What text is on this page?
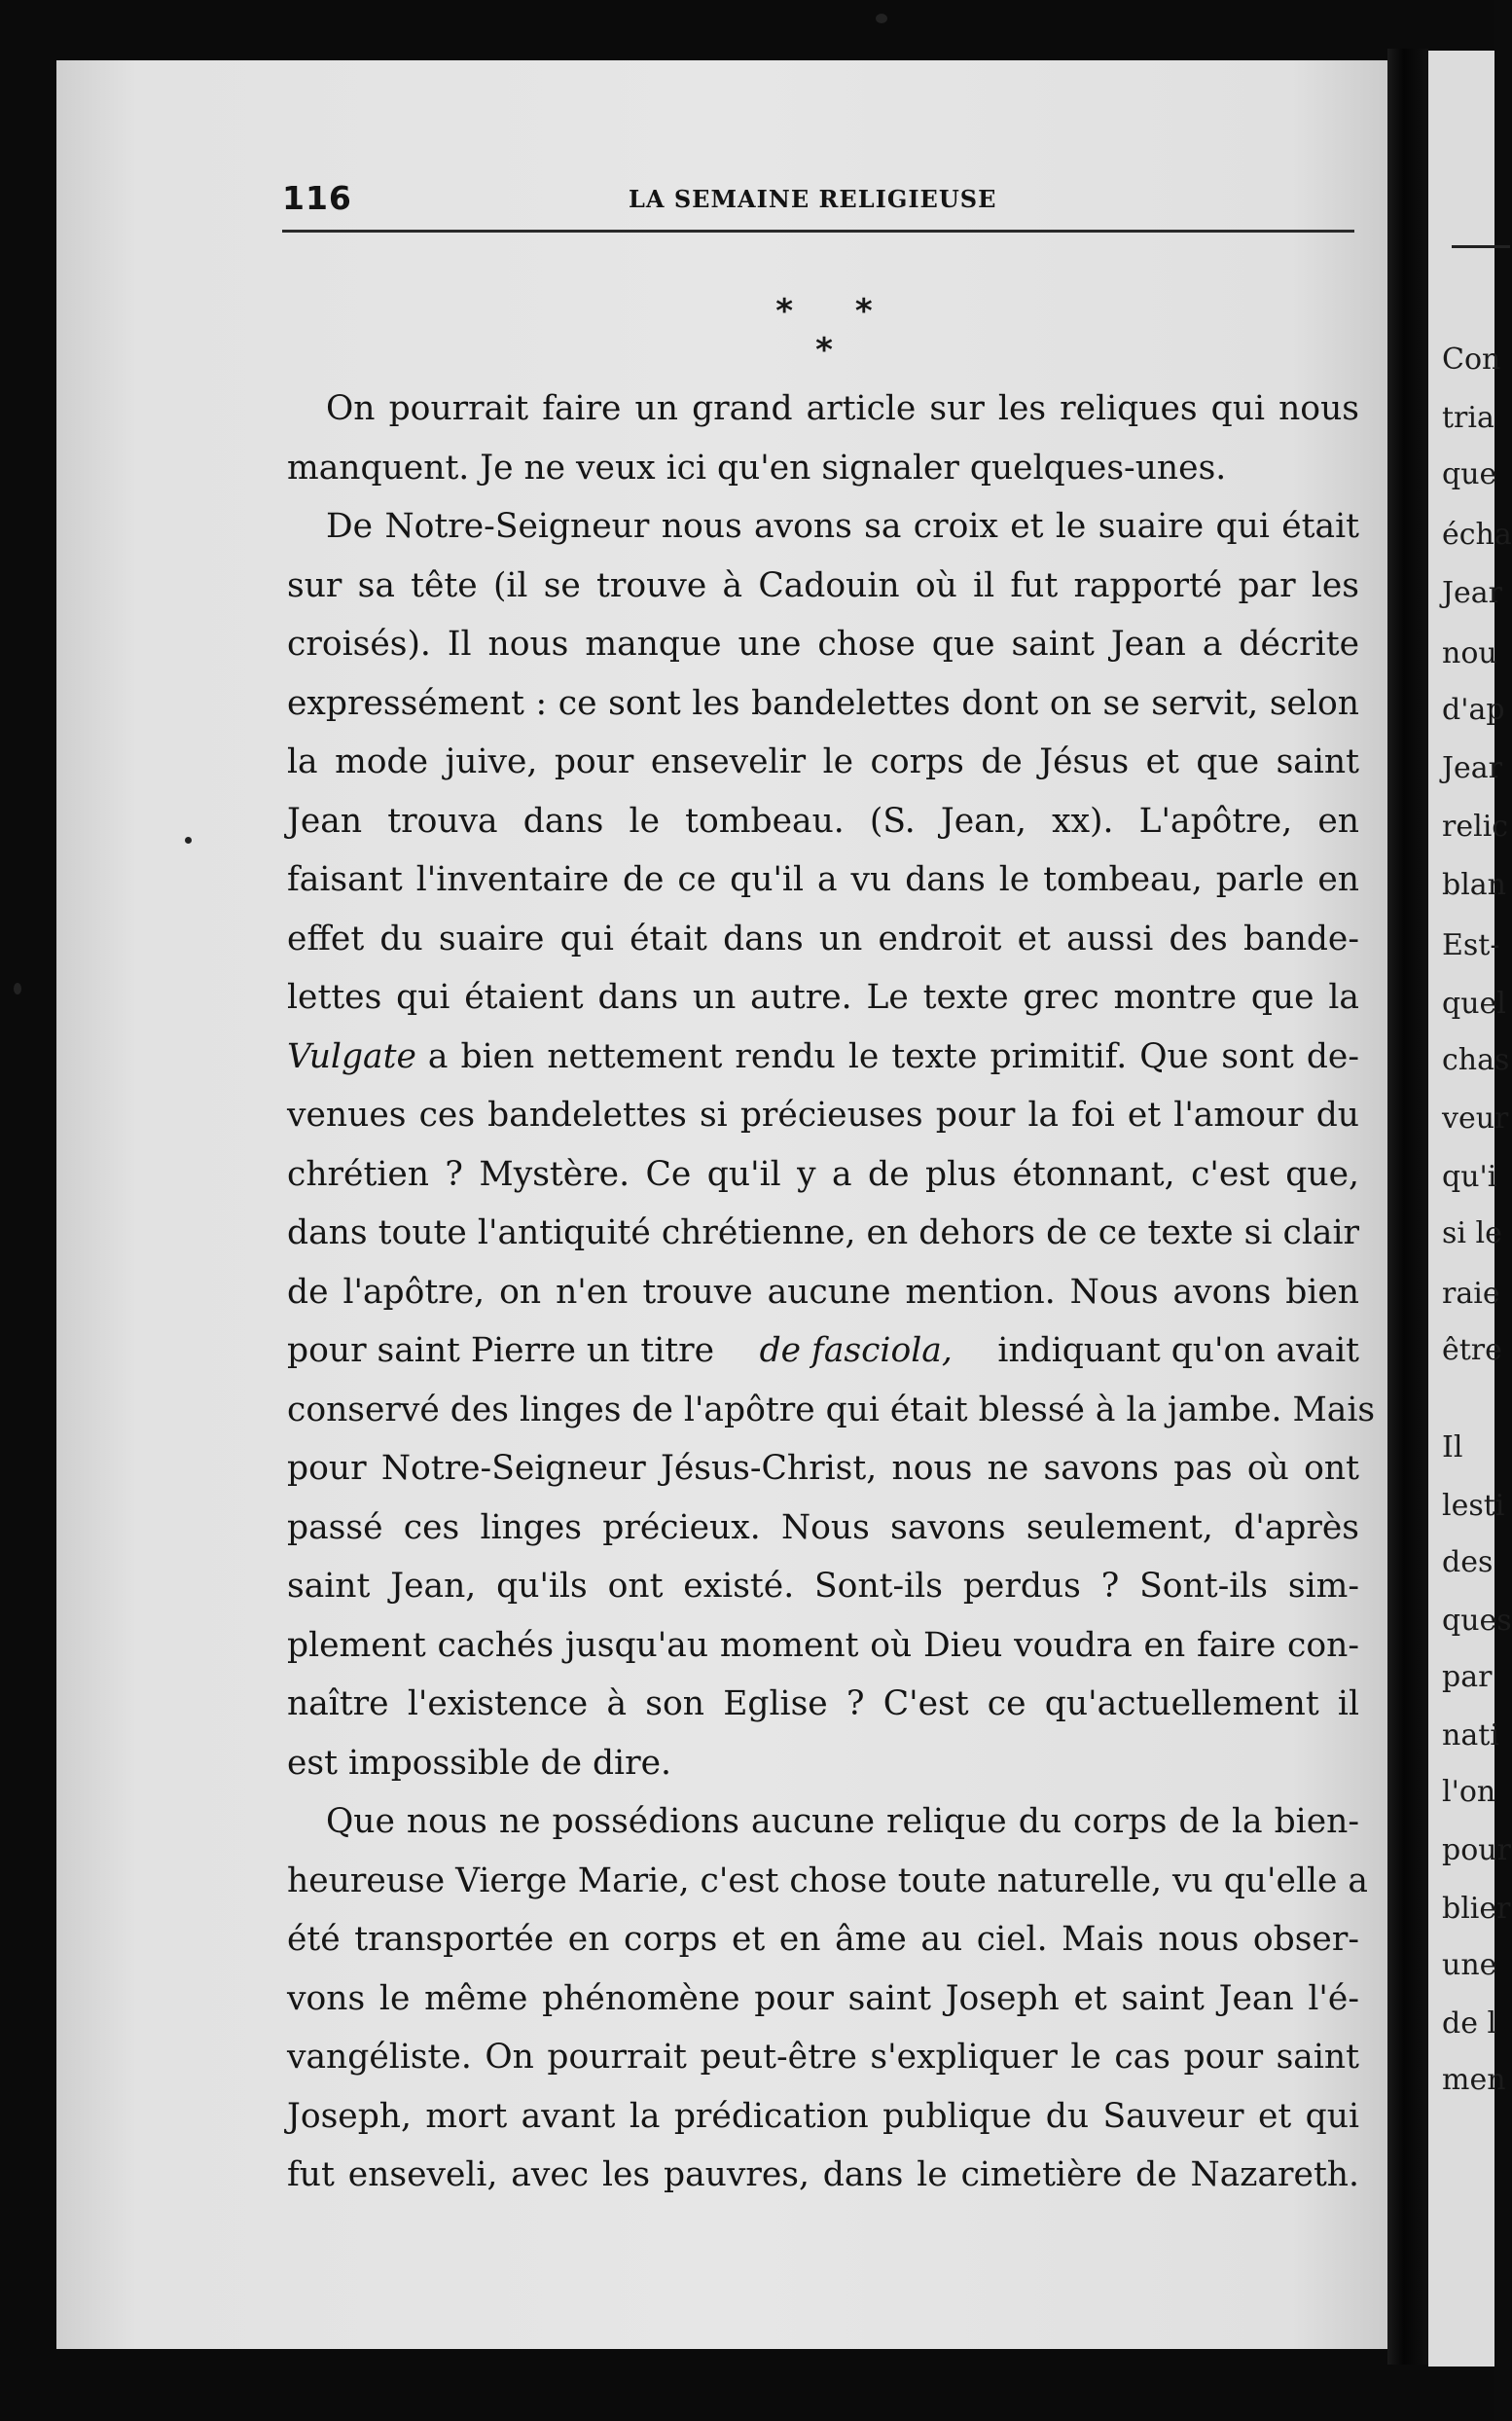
Con
tria
que
écha
Jear
nou
d'ap
Jear
relic
blan
Est-
quel
chas
veur
qu'i
si le
raie
être
Il
lesti
des
ques
par
nati
l'on
pour
blier
une
de l
men
116	LA SEMAINE RELIGIEUSE
* * *
On pourrait faire un grand article sur les reliques qui nous
manquent. Je ne veux ici qu'en signaler quelques-unes.
De Notre-Seigneur nous avons sa croix et le suaire qui était
sur sa tête (il se trouve à Cadouin où il fut rapporté par les
croisés). Il nous manque une chose que saint Jean a décrite
expressément : ce sont les bandelettes dont on se servit, selon
la mode juive, pour ensevelir le corps de Jésus et que saint
Jean trouva dans le tombeau. (S. Jean, xx). L'apôtre, en
faisant l'inventaire de ce qu'il a vu dans le tombeau, parle en
effet du suaire qui était dans un endroit et aussi des bande-
lettes qui étaient dans un autre. Le texte grec montre que la
Vulgate a bien nettement rendu le texte primitif. Que sont de-
venues ces bandelettes si précieuses pour la foi et l'amour du
chrétien ? Mystère. Ce qu'il y a de plus étonnant, c'est que,
dans toute l'antiquité chrétienne, en dehors de ce texte si clair
de l'apôtre, on n'en trouve aucune mention. Nous avons bien
pour saint Pierre un titre de fasciola, indiquant qu'on avait
conservé des linges de l'apôtre qui était blessé à la jambe. Mais
pour Notre-Seigneur Jésus-Christ, nous ne savons pas où ont
passé ces linges précieux. Nous savons seulement, d'après
saint Jean, qu'ils ont existé. Sont-ils perdus ? Sont-ils sim-
plement cachés jusqu'au moment où Dieu voudra en faire con-
naître l'existence à son Eglise ? C'est ce qu'actuellement il
est impossible de dire.
Que nous ne possédions aucune relique du corps de la bien-
heureuse Vierge Marie, c'est chose toute naturelle, vu qu'elle a
été transportée en corps et en âme au ciel. Mais nous obser-
vons le même phénomène pour saint Joseph et saint Jean l'é-
vangéliste. On pourrait peut-être s'expliquer le cas pour saint
Joseph, mort avant la prédication publique du Sauveur et qui
fut enseveli, avec les pauvres, dans le cimetière de Nazareth.
